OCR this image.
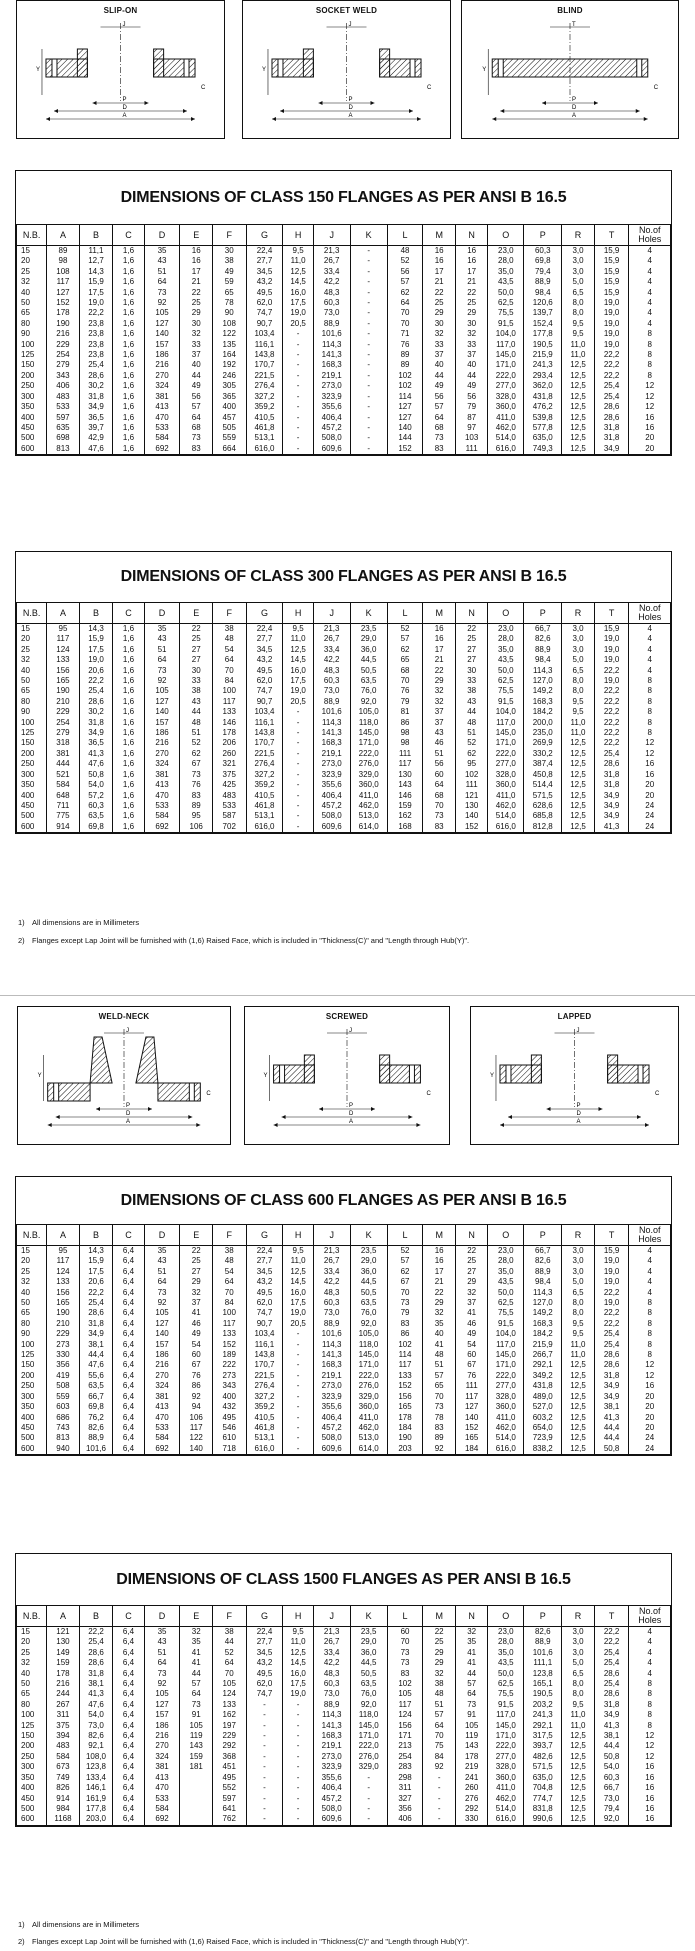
SLIP-ON
A
D
P
J
Y
C
SOCKET WELD
A
D
P
J
Y
C
BLIND
A
D
P
T
Y
C
DIMENSIONS OF CLASS 150 FLANGES AS PER ANSI B 16.5
N.B.	A	B	C	D	E	F	G	H	J	K	L	M	N	O	P	R	T	No.of Holes
15	89	11,1	1,6	35	16	30	22,4	9,5	21,3	-	48	16	16	23,0	60,3	3,0	15,9	4
20	98	12,7	1,6	43	16	38	27,7	11,0	26,7	-	52	16	16	28,0	69,8	3,0	15,9	4
25	108	14,3	1,6	51	17	49	34,5	12,5	33,4	-	56	17	17	35,0	79,4	3,0	15,9	4
32	117	15,9	1,6	64	21	59	43,2	14,5	42,2	-	57	21	21	43,5	88,9	5,0	15,9	4
40	127	17,5	1,6	73	22	65	49,5	16,0	48,3	-	62	22	22	50,0	98,4	6,5	15,9	4
50	152	19,0	1,6	92	25	78	62,0	17,5	60,3	-	64	25	25	62,5	120,6	8,0	19,0	4
65	178	22,2	1,6	105	29	90	74,7	19,0	73,0	-	70	29	29	75,5	139,7	8,0	19,0	4
80	190	23,8	1,6	127	30	108	90,7	20,5	88,9	-	70	30	30	91,5	152,4	9,5	19,0	4
90	216	23,8	1,6	140	32	122	103,4	-	101,6	-	71	32	32	104,0	177,8	9,5	19,0	8
100	229	23,8	1,6	157	33	135	116,1	-	114,3	-	76	33	33	117,0	190,5	11,0	19,0	8
125	254	23,8	1,6	186	37	164	143,8	-	141,3	-	89	37	37	145,0	215,9	11,0	22,2	8
150	279	25,4	1,6	216	40	192	170,7	-	168,3	-	89	40	40	171,0	241,3	12,5	22,2	8
200	343	28,6	1,6	270	44	246	221,5	-	219,1	-	102	44	44	222,0	293,4	12,5	22,2	8
250	406	30,2	1,6	324	49	305	276,4	-	273,0	-	102	49	49	277,0	362,0	12,5	25,4	12
300	483	31,8	1,6	381	56	365	327,2	-	323,9	-	114	56	56	328,0	431,8	12,5	25,4	12
350	533	34,9	1,6	413	57	400	359,2	-	355,6	-	127	57	79	360,0	476,2	12,5	28,6	12
400	597	36,5	1,6	470	64	457	410,5	-	406,4	-	127	64	87	411,0	539,8	12,5	28,6	16
450	635	39,7	1,6	533	68	505	461,8	-	457,2	-	140	68	97	462,0	577,8	12,5	31,8	16
500	698	42,9	1,6	584	73	559	513,1	-	508,0	-	144	73	103	514,0	635,0	12,5	31,8	20
600	813	47,6	1,6	692	83	664	616,0	-	609,6	-	152	83	111	616,0	749,3	12,5	34,9	20
DIMENSIONS OF CLASS 300 FLANGES AS PER ANSI B 16.5
N.B.	A	B	C	D	E	F	G	H	J	K	L	M	N	O	P	R	T	No.of Holes
15	95	14,3	1,6	35	22	38	22,4	9,5	21,3	23,5	52	16	22	23,0	66,7	3,0	15,9	4
20	117	15,9	1,6	43	25	48	27,7	11,0	26,7	29,0	57	16	25	28,0	82,6	3,0	19,0	4
25	124	17,5	1,6	51	27	54	34,5	12,5	33,4	36,0	62	17	27	35,0	88,9	3,0	19,0	4
32	133	19,0	1,6	64	27	64	43,2	14,5	42,2	44,5	65	21	27	43,5	98,4	5,0	19,0	4
40	156	20,6	1,6	73	30	70	49,5	16,0	48,3	50,5	68	22	30	50,0	114,3	6,5	22,2	4
50	165	22,2	1,6	92	33	84	62,0	17,5	60,3	63,5	70	29	33	62,5	127,0	8,0	19,0	8
65	190	25,4	1,6	105	38	100	74,7	19,0	73,0	76,0	76	32	38	75,5	149,2	8,0	22,2	8
80	210	28,6	1,6	127	43	117	90,7	20,5	88,9	92,0	79	32	43	91,5	168,3	9,5	22,2	8
90	229	30,2	1,6	140	44	133	103,4	-	101,6	105,0	81	37	44	104,0	184,2	9,5	22,2	8
100	254	31,8	1,6	157	48	146	116,1	-	114,3	118,0	86	37	48	117,0	200,0	11,0	22,2	8
125	279	34,9	1,6	186	51	178	143,8	-	141,3	145,0	98	43	51	145,0	235,0	11,0	22,2	8
150	318	36,5	1,6	216	52	206	170,7	-	168,3	171,0	98	46	52	171,0	269,9	12,5	22,2	12
200	381	41,3	1,6	270	62	260	221,5	-	219,1	222,0	111	51	62	222,0	330,2	12,5	25,4	12
250	444	47,6	1,6	324	67	321	276,4	-	273,0	276,0	117	56	95	277,0	387,4	12,5	28,6	16
300	521	50,8	1,6	381	73	375	327,2	-	323,9	329,0	130	60	102	328,0	450,8	12,5	31,8	16
350	584	54,0	1,6	413	76	425	359,2	-	355,6	360,0	143	64	111	360,0	514,4	12,5	31,8	20
400	648	57,2	1,6	470	83	483	410,5	-	406,4	411,0	146	68	121	411,0	571,5	12,5	34,9	20
450	711	60,3	1,6	533	89	533	461,8	-	457,2	462,0	159	70	130	462,0	628,6	12,5	34,9	24
500	775	63,5	1,6	584	95	587	513,1	-	508,0	513,0	162	73	140	514,0	685,8	12,5	34,9	24
600	914	69,8	1,6	692	106	702	616,0	-	609,6	614,0	168	83	152	616,0	812,8	12,5	41,3	24
1) All dimensions are in Millimeters
2) Flanges except Lap Joint will be furnished with (1,6) Raised Face, which is included in "Thickness(C)" and "Length through Hub(Y)".
WELD-NECK
A
D
P
J
Y
C
SCREWED
A
D
P
J
Y
C
LAPPED
A
D
P
J
Y
C
DIMENSIONS OF CLASS 600 FLANGES AS PER ANSI B 16.5
N.B.	A	B	C	D	E	F	G	H	J	K	L	M	N	O	P	R	T	No.of Holes
15	95	14,3	6,4	35	22	38	22,4	9,5	21,3	23,5	52	16	22	23,0	66,7	3,0	15,9	4
20	117	15,9	6,4	43	25	48	27,7	11,0	26,7	29,0	57	16	25	28,0	82,6	3,0	19,0	4
25	124	17,5	6,4	51	27	54	34,5	12,5	33,4	36,0	62	17	27	35,0	88,9	3,0	19,0	4
32	133	20,6	6,4	64	29	64	43,2	14,5	42,2	44,5	67	21	29	43,5	98,4	5,0	19,0	4
40	156	22,2	6,4	73	32	70	49,5	16,0	48,3	50,5	70	22	32	50,0	114,3	6,5	22,2	4
50	165	25,4	6,4	92	37	84	62,0	17,5	60,3	63,5	73	29	37	62,5	127,0	8,0	19,0	8
65	190	28,6	6,4	105	41	100	74,7	19,0	73,0	76,0	79	32	41	75,5	149,2	8,0	22,2	8
80	210	31,8	6,4	127	46	117	90,7	20,5	88,9	92,0	83	35	46	91,5	168,3	9,5	22,2	8
90	229	34,9	6,4	140	49	133	103,4	-	101,6	105,0	86	40	49	104,0	184,2	9,5	25,4	8
100	273	38,1	6,4	157	54	152	116,1	-	114,3	118,0	102	41	54	117,0	215,9	11,0	25,4	8
125	330	44,4	6,4	186	60	189	143,8	-	141,3	145,0	114	48	60	145,0	266,7	11,0	28,6	8
150	356	47,6	6,4	216	67	222	170,7	-	168,3	171,0	117	51	67	171,0	292,1	12,5	28,6	12
200	419	55,6	6,4	270	76	273	221,5	-	219,1	222,0	133	57	76	222,0	349,2	12,5	31,8	12
250	508	63,5	6,4	324	86	343	276,4	-	273,0	276,0	152	65	111	277,0	431,8	12,5	34,9	16
300	559	66,7	6,4	381	92	400	327,2	-	323,9	329,0	156	70	117	328,0	489,0	12,5	34,9	20
350	603	69,8	6,4	413	94	432	359,2	-	355,6	360,0	165	73	127	360,0	527,0	12,5	38,1	20
400	686	76,2	6,4	470	106	495	410,5	-	406,4	411,0	178	78	140	411,0	603,2	12,5	41,3	20
450	743	82,6	6,4	533	117	546	461,8	-	457,2	462,0	184	83	152	462,0	654,0	12,5	44,4	20
500	813	88,9	6,4	584	122	610	513,1	-	508,0	513,0	190	89	165	514,0	723,9	12,5	44,4	24
600	940	101,6	6,4	692	140	718	616,0	-	609,6	614,0	203	92	184	616,0	838,2	12,5	50,8	24
DIMENSIONS OF CLASS 1500 FLANGES AS PER ANSI B 16.5
N.B.	A	B	C	D	E	F	G	H	J	K	L	M	N	O	P	R	T	No.of Holes
15	121	22,2	6,4	35	32	38	22,4	9,5	21,3	23,5	60	22	32	23,0	82,6	3,0	22,2	4
20	130	25,4	6,4	43	35	44	27,7	11,0	26,7	29,0	70	25	35	28,0	88,9	3,0	22,2	4
25	149	28,6	6,4	51	41	52	34,5	12,5	33,4	36,0	73	29	41	35,0	101,6	3,0	25,4	4
32	159	28,6	6,4	64	41	64	43,2	14,5	42,2	44,5	73	29	41	43,5	111,1	5,0	25,4	4
40	178	31,8	6,4	73	44	70	49,5	16,0	48,3	50,5	83	32	44	50,0	123,8	6,5	28,6	4
50	216	38,1	6,4	92	57	105	62,0	17,5	60,3	63,5	102	38	57	62,5	165,1	8,0	25,4	8
65	244	41,3	6,4	105	64	124	74,7	19,0	73,0	76,0	105	48	64	75,5	190,5	8,0	28,6	8
80	267	47,6	6,4	127	73	133	-	-	88,9	92,0	117	51	73	91,5	203,2	9,5	31,8	8
100	311	54,0	6,4	157	91	162	-	-	114,3	118,0	124	57	91	117,0	241,3	11,0	34,9	8
125	375	73,0	6,4	186	105	197	-	-	141,3	145,0	156	64	105	145,0	292,1	11,0	41,3	8
150	394	82,6	6,4	216	119	229	-	-	168,3	171,0	171	70	119	171,0	317,5	12,5	38,1	12
200	483	92,1	6,4	270	143	292	-	-	219,1	222,0	213	75	143	222,0	393,7	12,5	44,4	12
250	584	108,0	6,4	324	159	368	-	-	273,0	276,0	254	84	178	277,0	482,6	12,5	50,8	12
300	673	123,8	6,4	381	181	451	-	-	323,9	329,0	283	92	219	328,0	571,5	12,5	54,0	16
350	749	133,4	6,4	413		495	-	-	355,6	-	298	-	241	360,0	635,0	12,5	60,3	16
400	826	146,1	6,4	470		552	-	-	406,4	-	311	-	260	411,0	704,8	12,5	66,7	16
450	914	161,9	6,4	533		597	-	-	457,2	-	327	-	276	462,0	774,7	12,5	73,0	16
500	984	177,8	6,4	584		641	-	-	508,0	-	356	-	292	514,0	831,8	12,5	79,4	16
600	1168	203,0	6,4	692		762	-	-	609,6	-	406	-	330	616,0	990,6	12,5	92,0	16
1) All dimensions are in Millimeters
2) Flanges except Lap Joint will be furnished with (1,6) Raised Face, which is included in "Thickness(C)" and "Length through Hub(Y)".
